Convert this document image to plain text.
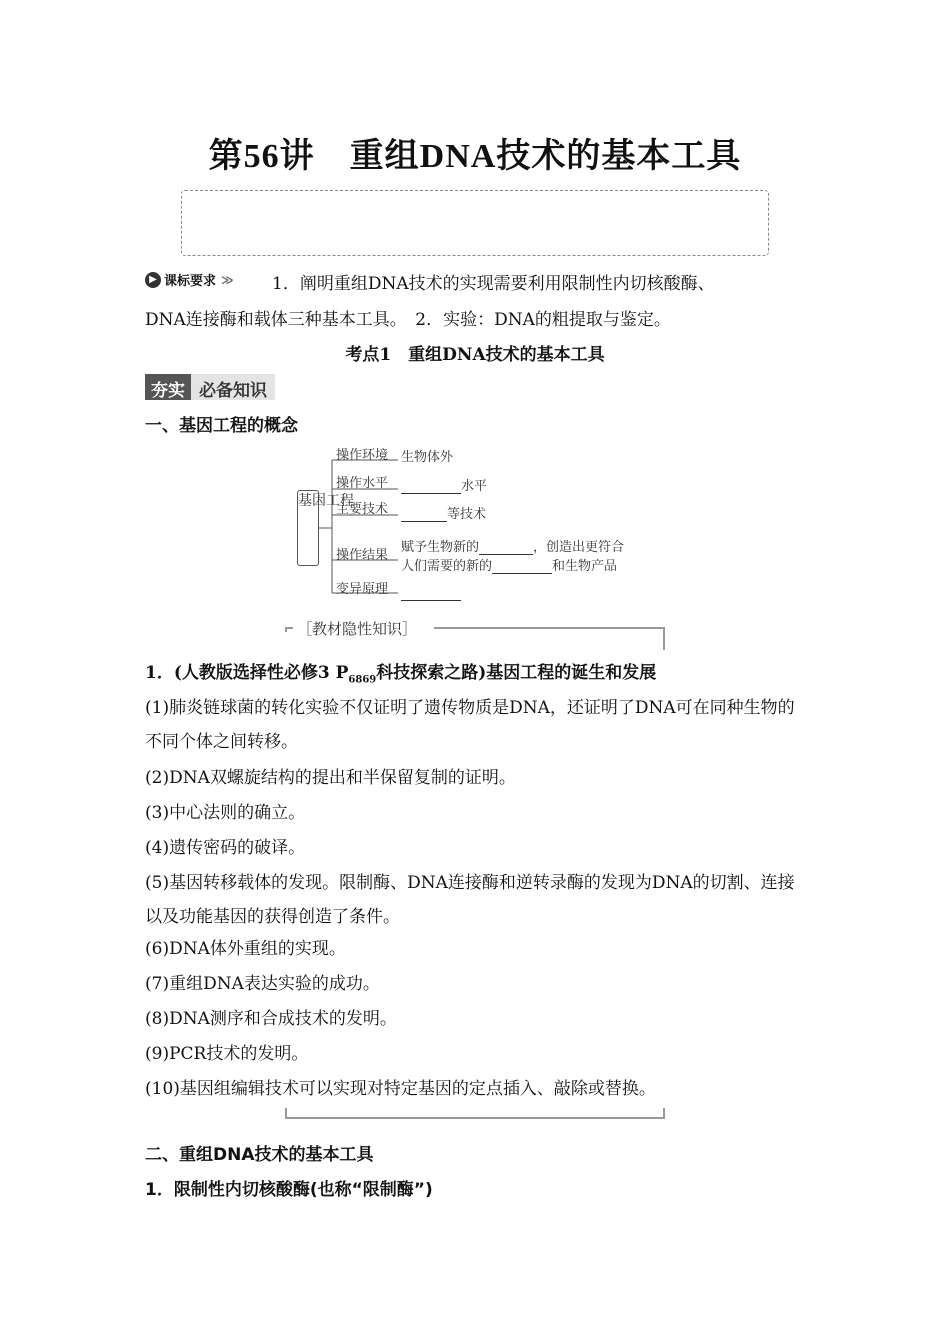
第56讲　重组DNA技术的基本工具
▶ 课标要求 ≫ 1．阐明重组DNA技术的实现需要利用限制性内切核酸酶、
DNA连接酶和载体三种基本工具。　2．实验：DNA的粗提取与鉴定。
考点1　重组DNA技术的基本工具
夯实 必备知识
一、基因工程的概念
基因工程
操作环境
操作水平
主要技术
操作结果
变异原理
生物体外
水平
等技术
赋予生物新的	，创造出更符合
人们需要的新的	和生物产品
［教材隐性知识］
1．(人教版选择性必修3 $P_{6869}$科技探索之路)基因工程的诞生和发展
(1)肺炎链球菌的转化实验不仅证明了遗传物质是DNA，还证明了DNA可在同种生物的不同个体之间转移。
(2)DNA双螺旋结构的提出和半保留复制的证明。
(3)中心法则的确立。
(4)遗传密码的破译。
(5)基因转移载体的发现。限制酶、DNA连接酶和逆转录酶的发现为DNA的切割、连接以及功能基因的获得创造了条件。
(6)DNA体外重组的实现。
(7)重组DNA表达实验的成功。
(8)DNA测序和合成技术的发明。
(9)PCR技术的发明。
(10)基因组编辑技术可以实现对特定基因的定点插入、敲除或替换。
二、重组DNA技术的基本工具
1．限制性内切核酸酶(也称“限制酶”)
